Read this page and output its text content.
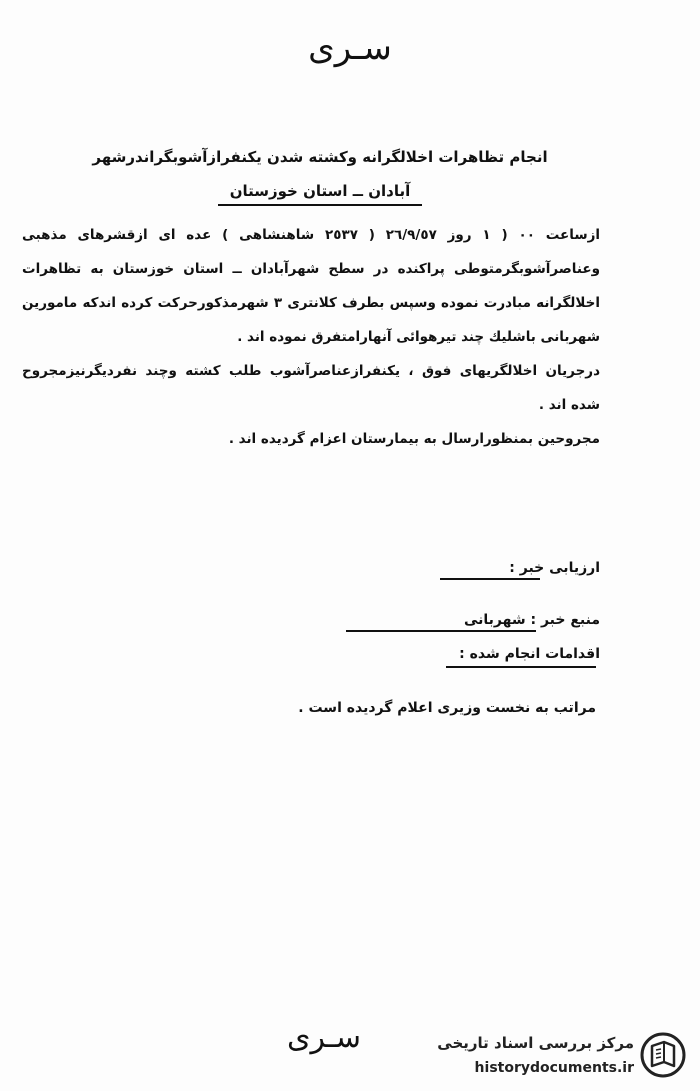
سـرى
انجام تظاهرات اخلالگرانه وكشته شدن يكنفرازآشوبگراندرشهر
آبادان ــ استان خوزستان

ازساعت ٠٠ ( ١ روز ٢٦/٩/٥٧ ( ٢٥٣٧ شاهنشاهى ) عده اى ازقشرهاى مذهبى وعناصرآشوبگرمتوطى پراكنده در سطح شهرآبادان ــ استان خوزستان به تظاهرات اخلالگرانه مبادرت نموده وسپس بطرف كلانترى ٣ شهرمذكورحركت كرده اندكه مامورين شهربانى باشليك چند تيرهوائى آنهارامتفرق نموده اند .

درجريان اخلالگريهاى فوق ، يكنفرازعناصرآشوب طلب كشته وچند نفرديگرنيزمجروح شده اند .

مجروحين بمنظورارسال به بيمارستان اعزام گرديده اند .

ارزيابى خبر :
منبع خبر : شهربانى
اقدامات انجام شده :
مراتب به نخست وزيرى اعلام گرديده است .
سـرى	مرکز بررسی اسناد تاریخی
historydocuments.ir
